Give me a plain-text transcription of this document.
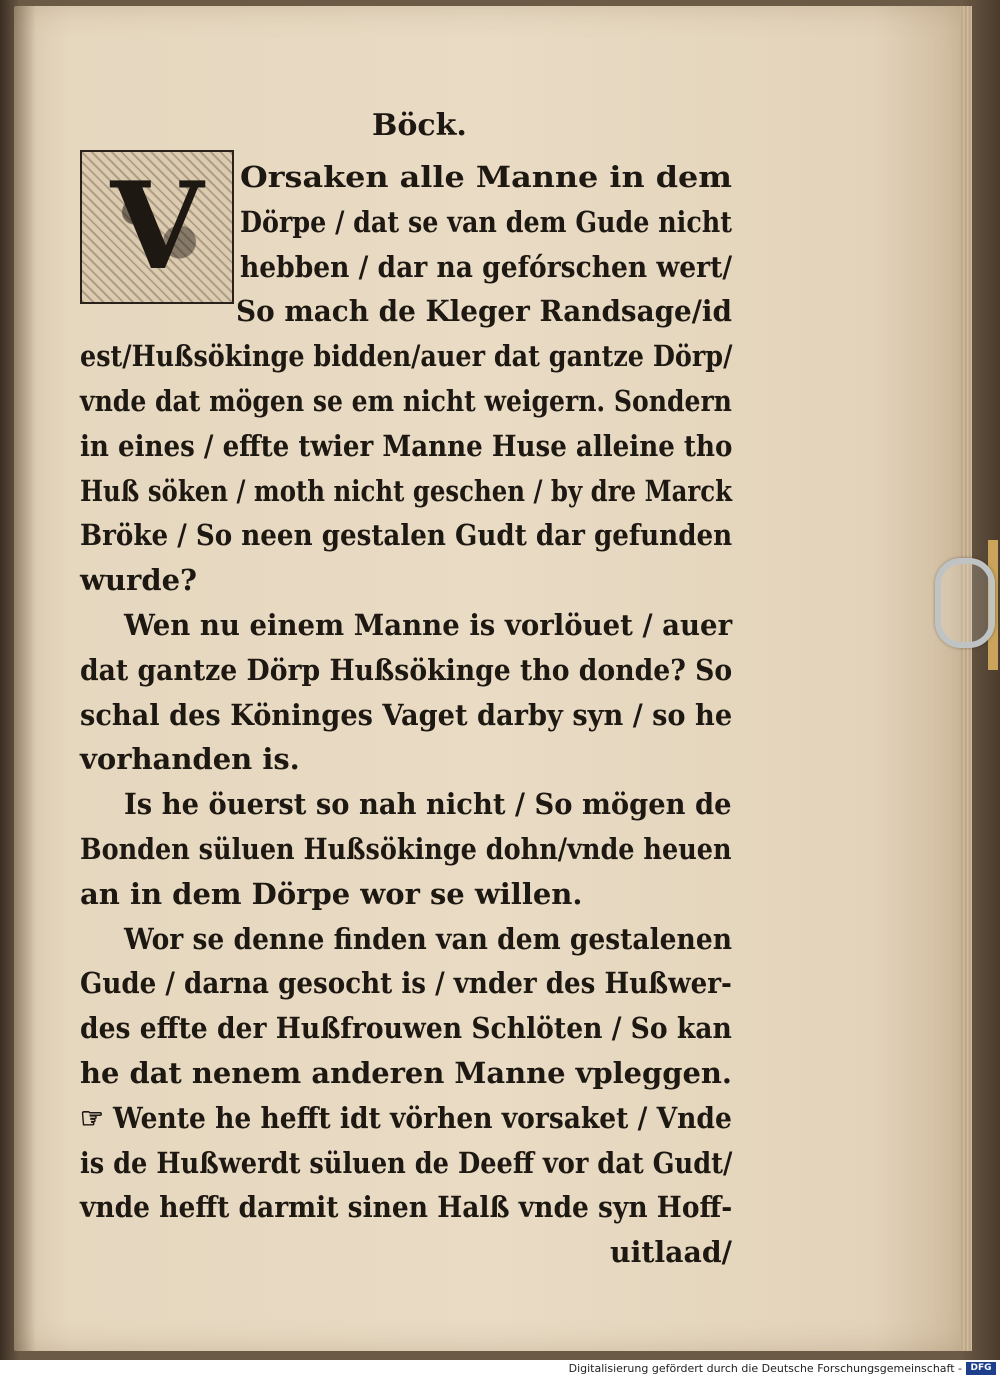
Böck.
V
Digitalisierung gefördert durch die Deutsche Forschungsgemeinschaft - DFG
Orsaken alle Manne in dem
Dörpe / dat se van dem Gude nicht
hebben / dar na gefórschen wert/
So mach de Kleger Randsage/id
est/Hußsökinge bidden/auer dat gantze Dörp/
vnde dat mögen se em nicht weigern. Sondern
in eines / effte twier Manne Huse alleine tho
Huß söken / moth nicht geschen / by dre Marck
Bröke / So neen gestalen Gudt dar gefunden
wurde?
Wen nu einem Manne is vorlöuet / auer
dat gantze Dörp Hußsökinge tho donde? So
schal des Köninges Vaget darby syn / so he
vorhanden is.
Is he öuerst so nah nicht / So mögen de
Bonden süluen Hußsökinge dohn/vnde heuen
an in dem Dörpe wor se willen.
Wor se denne finden van dem gestalenen
Gude / darna gesocht is / vnder des Hußwer-
des effte der Hußfrouwen Schlöten / So kan
he dat nenem anderen Manne vpleggen.
☞ Wente he hefft idt vörhen vorsaket / Vnde
is de Hußwerdt süluen de Deeff vor dat Gudt/
vnde hefft darmit sinen Halß vnde syn Hoff-
uitlaad/
